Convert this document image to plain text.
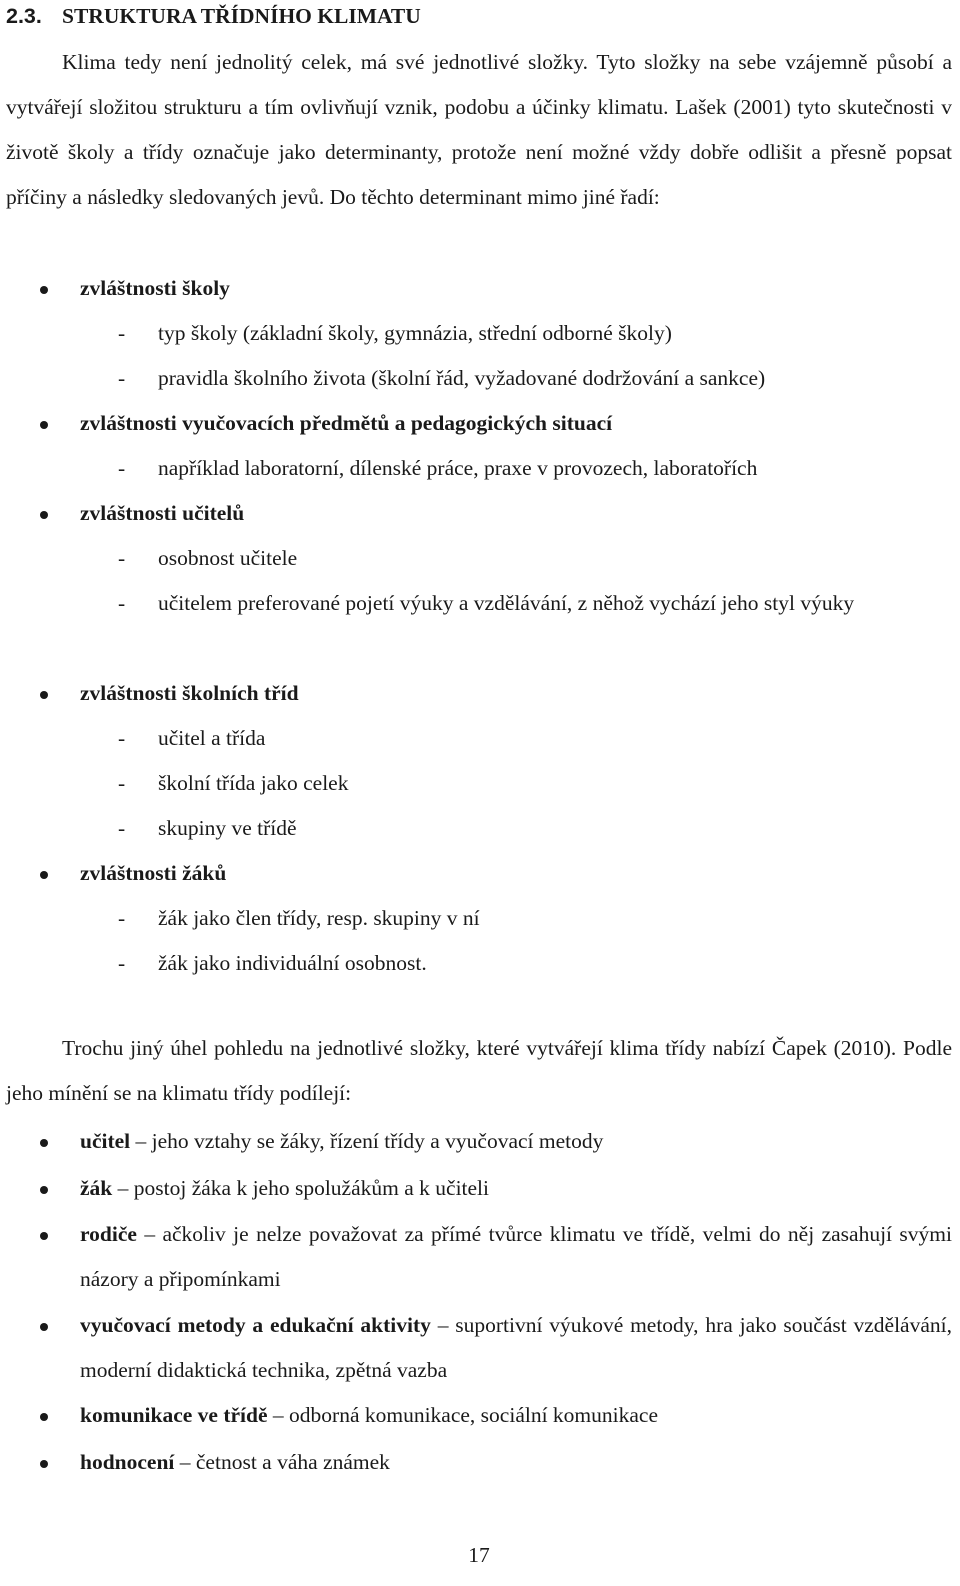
2.3. STRUKTURA TŘÍDNÍHO KLIMATU

Klima tedy není jednolitý celek, má své jednotlivé složky. Tyto složky na sebe vzájemně působí a vytvářejí složitou strukturu a tím ovlivňují vznik, podobu a účinky klimatu. Lašek (2001) tyto skutečnosti v životě školy a třídy označuje jako determinanty, protože není možné vždy dobře odlišit a přesně popsat příčiny a následky sledovaných jevů. Do těchto determinant mimo jiné řadí:

zvláštnosti školy
- typ školy (základní školy, gymnázia, střední odborné školy)
- pravidla školního života (školní řád, vyžadované dodržování a sankce)
zvláštnosti vyučovacích předmětů a pedagogických situací
- například laboratorní, dílenské práce, praxe v provozech, laboratořích
zvláštnosti učitelů
- osobnost učitele
- učitelem preferované pojetí výuky a vzdělávání, z něhož vychází jeho styl výuky
zvláštnosti školních tříd
- učitel a třída
- školní třída jako celek
- skupiny ve třídě
zvláštnosti žáků
- žák jako člen třídy, resp. skupiny v ní
- žák jako individuální osobnost.

Trochu jiný úhel pohledu na jednotlivé složky, které vytvářejí klima třídy nabízí Čapek (2010). Podle jeho mínění se na klimatu třídy podílejí:

učitel – jeho vztahy se žáky, řízení třídy a vyučovací metody
žák – postoj žáka k jeho spolužákům a k učiteli
rodiče – ačkoliv je nelze považovat za přímé tvůrce klimatu ve třídě, velmi do něj zasahují svými názory a připomínkami
vyučovací metody a edukační aktivity – suportivní výukové metody, hra jako součást vzdělávání, moderní didaktická technika, zpětná vazba
komunikace ve třídě – odborná komunikace, sociální komunikace
hodnocení – četnost a váha známek
17
